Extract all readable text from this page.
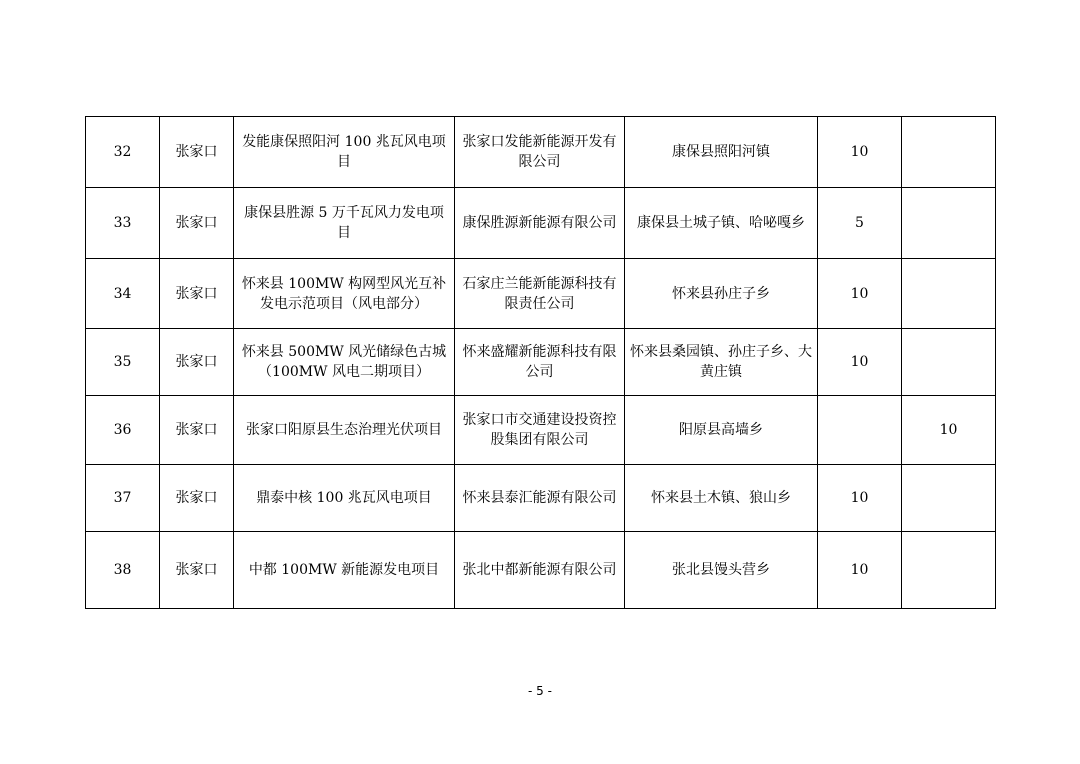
32	张家口	发能康保照阳河 100 兆瓦风电项目	张家口发能新能源开发有限公司	康保县照阳河镇	10	
33	张家口	康保县胜源 5 万千瓦风力发电项目	康保胜源新能源有限公司	康保县土城子镇、哈咇嘎乡	5	
34	张家口	怀来县 100MW 构网型风光互补发电示范项目（风电部分）	石家庄兰能新能源科技有限责任公司	怀来县孙庄子乡	10	
35	张家口	怀来县 500MW 风光储绿色古城（100MW 风电二期项目）	怀来盛耀新能源科技有限公司	怀来县桑园镇、孙庄子乡、大黄庄镇	10	
36	张家口	张家口阳原县生态治理光伏项目	张家口市交通建设投资控股集团有限公司	阳原县高墙乡		10
37	张家口	鼎泰中核 100 兆瓦风电项目	怀来县泰汇能源有限公司	怀来县土木镇、狼山乡	10	
38	张家口	中都 100MW 新能源发电项目	张北中都新能源有限公司	张北县馒头营乡	10	
- 5 -
